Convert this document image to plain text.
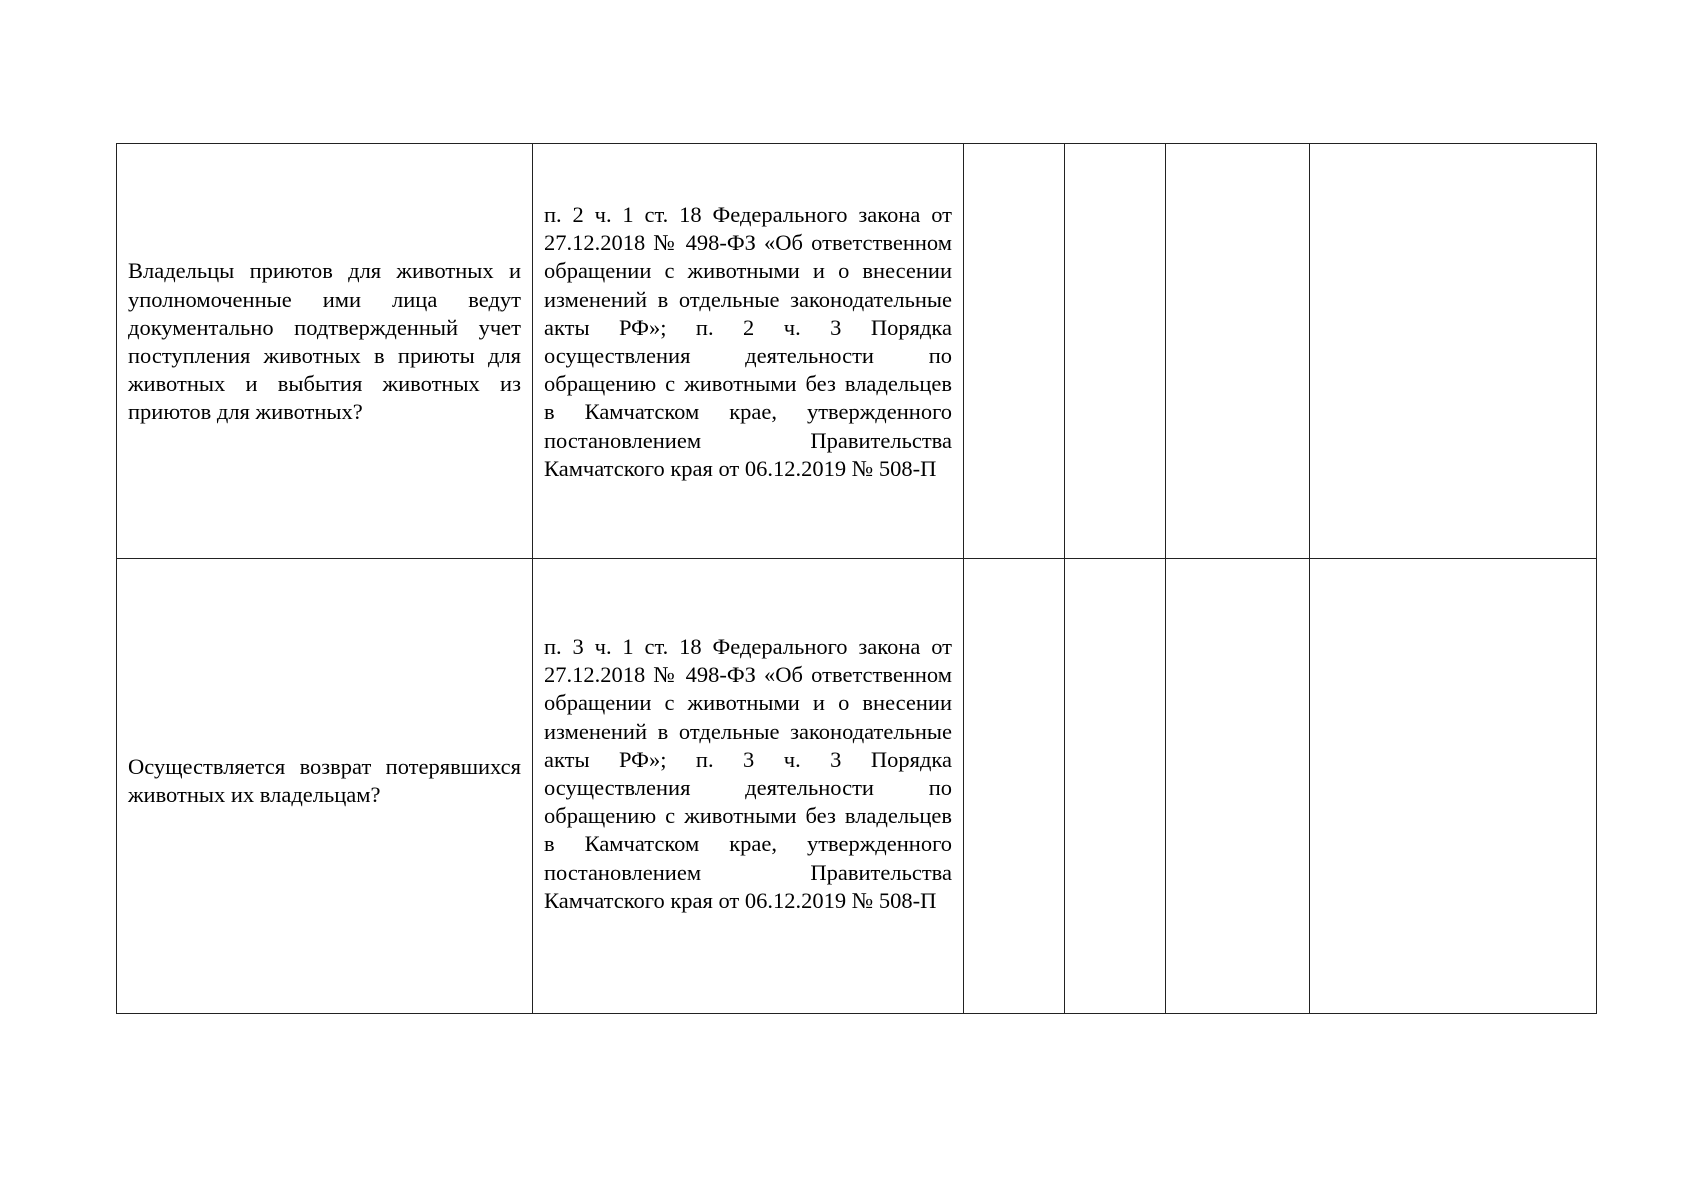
Владельцы приютов для животных и уполномоченные ими лица ведут документально подтвержденный учет поступления животных в приюты для животных и выбытия животных из приютов для животных?	п. 2 ч. 1 ст. 18 Федерального закона от 27.12.2018 № 498-ФЗ «Об ответственном обращении с животными и о внесении изменений в отдельные законодательные акты РФ»; п. 2 ч. 3 Порядка осуществления деятельности по обращению с животными без владельцев в Камчатском крае, утвержденного постановлением Правительства Камчатского края от 06.12.2019 № 508-П				

Осуществляется возврат потерявшихся животных их владельцам?	п. 3 ч. 1 ст. 18 Федерального закона от 27.12.2018 № 498-ФЗ «Об ответственном обращении с животными и о внесении изменений в отдельные законодательные акты РФ»; п. 3 ч. 3 Порядка осуществления деятельности по обращению с животными без владельцев в Камчатском крае, утвержденного постановлением Правительства Камчатского края от 06.12.2019 № 508-П				
